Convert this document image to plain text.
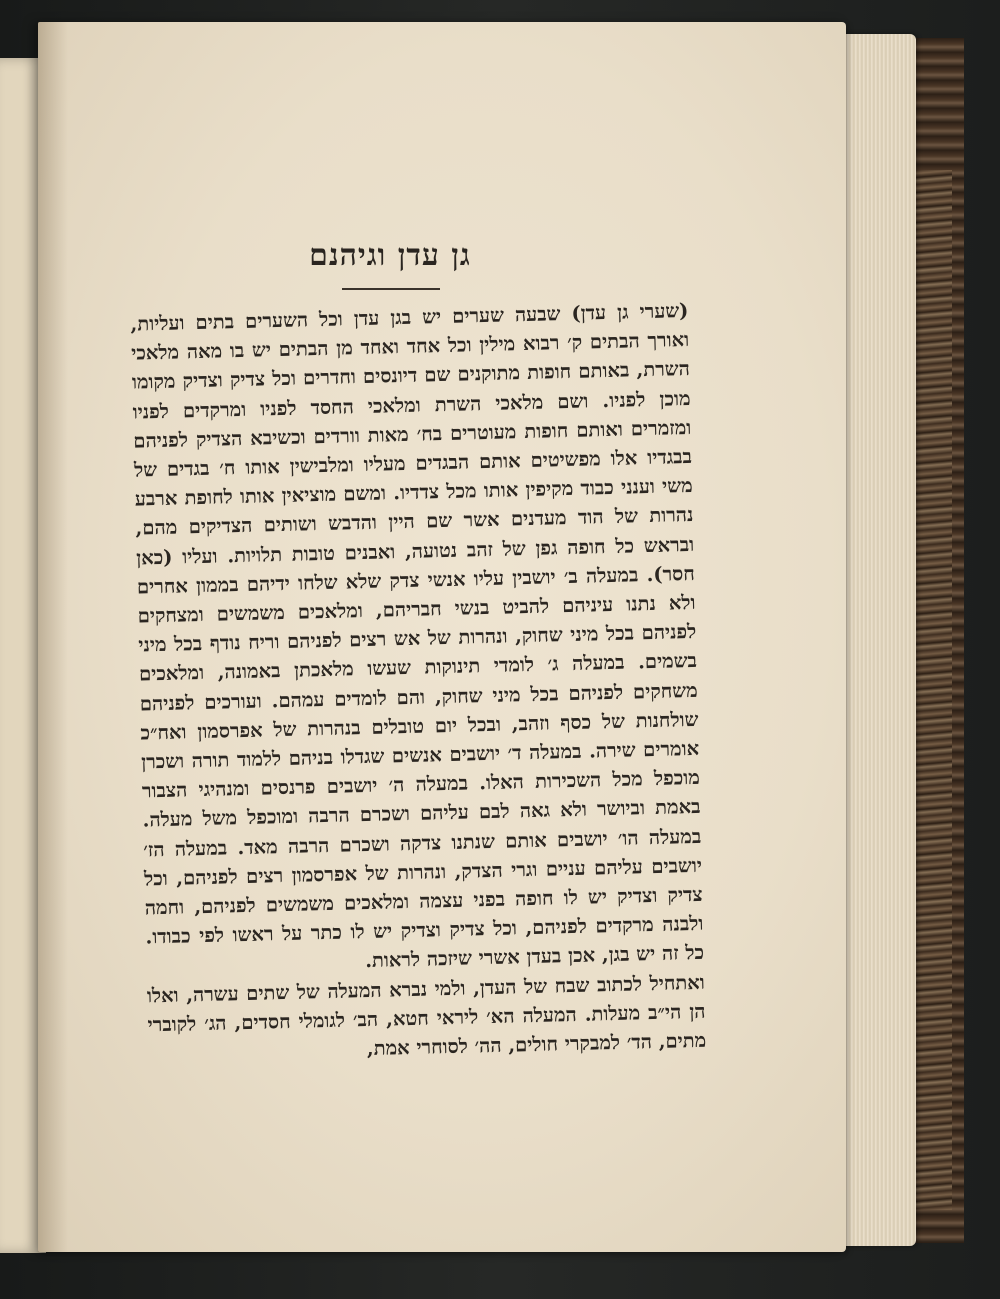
גן עדן וגיהנם

(שערי גן עדן) שבעה שערים יש בגן עדן וכל השערים בתים ועליות, ואורך הבתים ק׳ רבוא מילין וכל אחד ואחד מן הבתים יש בו מאה מלאכי השרת, באותם חופות מתוקנים שם דיונסים וחדרים וכל צדיק וצדיק מקומו מוכן לפניו. ושם מלאכי השרת ומלאכי החסד לפניו ומרקדים לפניו ומזמרים ואותם חופות מעוטרים בח׳ מאות וורדים וכשיבא הצדיק לפניהם בבגדיו אלו מפשיטים אותם הבגדים מעליו ומלבישין אותו ח׳ בגדים של משי וענני כבוד מקיפין אותו מכל צדדיו. ומשם מוציאין אותו לחופת ארבע נהרות של הוד מעדנים אשר שם היין והדבש ושותים הצדיקים מהם, ובראש כל חופה גפן של זהב נטועה, ואבנים טובות תלויות. ועליו (כאן חסר). במעלה ב׳ יושבין עליו אנשי צדק שלא שלחו ידיהם בממון אחרים ולא נתנו עיניהם להביט בנשי חבריהם, ומלאכים משמשים ומצחקים לפניהם בכל מיני שחוק, ונהרות של אש רצים לפניהם וריח נודף בכל מיני בשמים. במעלה ג׳ לומדי תינוקות שעשו מלאכתן באמונה, ומלאכים משחקים לפניהם בכל מיני שחוק, והם לומדים עמהם. ועורכים לפניהם שולחנות של כסף וזהב, ובכל יום טובלים בנהרות של אפרסמון ואח״כ אומרים שירה. במעלה ד׳ יושבים אנשים שגדלו בניהם ללמוד תורה ושכרן מוכפל מכל השכירות האלו. במעלה ה׳ יושבים פרנסים ומנהיגי הצבור באמת וביושר ולא גאה לבם עליהם ושכרם הרבה ומוכפל משל מעלה. במעלה הו׳ יושבים אותם שנתנו צדקה ושכרם הרבה מאד. במעלה הז׳ יושבים עליהם עניים וגרי הצדק, ונהרות של אפרסמון רצים לפניהם, וכל צדיק וצדיק יש לו חופה בפני עצמה ומלאכים משמשים לפניהם, וחמה ולבנה מרקדים לפניהם, וכל צדיק וצדיק יש לו כתר על ראשו לפי כבודו. כל זה יש בגן, אכן בעדן אשרי שיזכה לראות.

ואתחיל לכתוב שבח של העדן, ולמי נברא המעלה של שתים עשרה, ואלו הן הי״ב מעלות. המעלה הא׳ ליראי חטא, הב׳ לגומלי חסדים, הג׳ לקוברי מתים, הד׳ למבקרי חולים, הה׳ לסוחרי אמת,
